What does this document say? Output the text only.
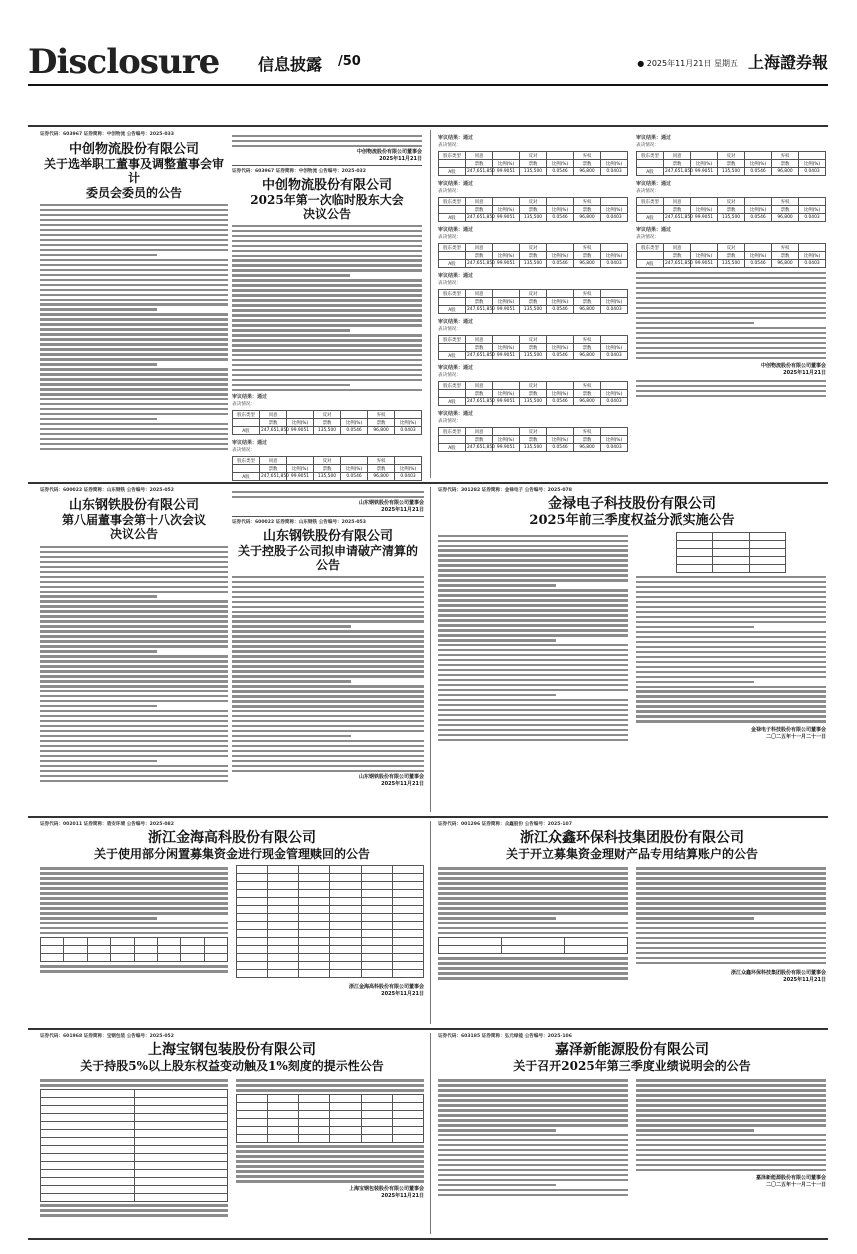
Disclosure	信息披露 /50	● 2025年11月21日 星期五 上海證券報
证券代码：603967 证券简称：中创物流 公告编号：2025-033
中创物流股份有限公司
关于选举职工董事及调整董事会审计
委员会委员的公告
中创物流股份有限公司董事会
2025年11月21日
证券代码：603967 证券简称：中创物流 公告编号：2025-032
中创物流股份有限公司
2025年第一次临时股东大会
决议公告
审议结果：通过
表决情况：
股东类型	同意		反对		弃权	
	票数	比例(%)	票数	比例(%)	票数	比例(%)
A股	247,651,850	99.9051	135,500	0.0546	96,800	0.0403
审议结果：通过
表决情况：
股东类型	同意		反对		弃权	
	票数	比例(%)	票数	比例(%)	票数	比例(%)
A股	247,651,850	99.9051	135,500	0.0546	96,800	0.0403
审议结果：通过
表决情况：
股东类型	同意		反对		弃权	
	票数	比例(%)	票数	比例(%)	票数	比例(%)
A股	247,651,850	99.9051	135,500	0.0546	96,800	0.0403
审议结果：通过
表决情况：
股东类型	同意		反对		弃权	
	票数	比例(%)	票数	比例(%)	票数	比例(%)
A股	247,651,850	99.9051	135,500	0.0546	96,800	0.0403
审议结果：通过
表决情况：
股东类型	同意		反对		弃权	
	票数	比例(%)	票数	比例(%)	票数	比例(%)
A股	247,651,850	99.9051	135,500	0.0546	96,800	0.0403
审议结果：通过
表决情况：
股东类型	同意		反对		弃权	
	票数	比例(%)	票数	比例(%)	票数	比例(%)
A股	247,651,850	99.9051	135,500	0.0546	96,800	0.0403
审议结果：通过
表决情况：
股东类型	同意		反对		弃权	
	票数	比例(%)	票数	比例(%)	票数	比例(%)
A股	247,651,850	99.9051	135,500	0.0546	96,800	0.0403
审议结果：通过
表决情况：
股东类型	同意		反对		弃权	
	票数	比例(%)	票数	比例(%)	票数	比例(%)
A股	247,651,850	99.9051	135,500	0.0546	96,800	0.0403
审议结果：通过
表决情况：
股东类型	同意		反对		弃权	
	票数	比例(%)	票数	比例(%)	票数	比例(%)
A股	247,651,850	99.9051	135,500	0.0546	96,800	0.0403
审议结果：通过
表决情况：
股东类型	同意		反对		弃权	
	票数	比例(%)	票数	比例(%)	票数	比例(%)
A股	247,651,850	99.9051	135,500	0.0546	96,800	0.0403
审议结果：通过
表决情况：
股东类型	同意		反对		弃权	
	票数	比例(%)	票数	比例(%)	票数	比例(%)
A股	247,651,850	99.9051	135,500	0.0546	96,800	0.0403
审议结果：通过
表决情况：
股东类型	同意		反对		弃权	
	票数	比例(%)	票数	比例(%)	票数	比例(%)
A股	247,651,850	99.9051	135,500	0.0546	96,800	0.0403
中创物流股份有限公司董事会
2025年11月21日
证券代码：600022 证券简称：山东钢铁 公告编号：2025-052
山东钢铁股份有限公司
第八届董事会第十八次会议
决议公告
山东钢铁股份有限公司董事会
2025年11月21日
证券代码：600022 证券简称：山东钢铁 公告编号：2025-053
山东钢铁股份有限公司
关于控股子公司拟申请破产清算的
公告
山东钢铁股份有限公司董事会
2025年11月21日
证券代码：301282 证券简称：金禄电子 公告编号：2025-078
金禄电子科技股份有限公司
2025年前三季度权益分派实施公告

金禄电子科技股份有限公司董事会
二〇二五年十一月二十一日
证券代码：002011 证券简称：盾安环境 公告编号：2025-082
浙江金海高科股份有限公司
关于使用部分闲置募集资金进行现金管理赎回的公告

浙江金海高科股份有限公司董事会
2025年11月21日
证券代码：001296 证券简称：众鑫股份 公告编号：2025-107
浙江众鑫环保科技集团股份有限公司
关于开立募集资金理财产品专用结算账户的公告

浙江众鑫环保科技集团股份有限公司董事会
2025年11月21日
证券代码：601968 证券简称：宝钢包装 公告编号：2025-052
上海宝钢包装股份有限公司
关于持股5%以上股东权益变动触及1%刻度的提示性公告

上海宝钢包装股份有限公司董事会
2025年11月21日
证券代码：603185 证券简称：弘元绿能 公告编号：2025-106
嘉泽新能源股份有限公司
关于召开2025年第三季度业绩说明会的公告
嘉泽新能源股份有限公司董事会
二〇二五年十一月二十一日
